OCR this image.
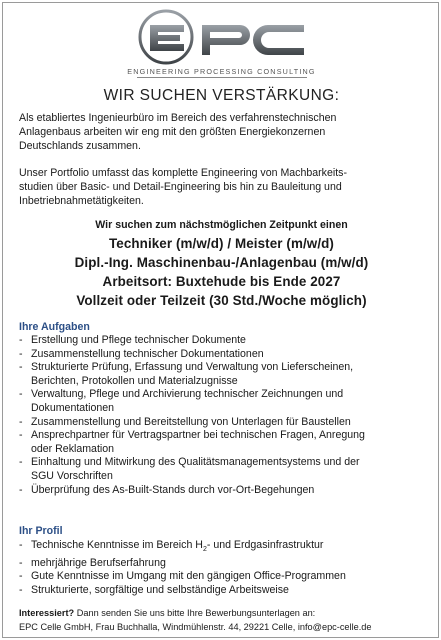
ENGINEERING PROCESSING CONSULTING
WIR SUCHEN VERSTÄRKUNG:
Als etabliertes Ingenieurbüro im Bereich des verfahrenstechnischen
Anlagenbaus arbeiten wir eng mit den größten Energiekonzernen
Deutschlands zusammen.
Unser Portfolio umfasst das komplette Engineering von Machbarkeits-
studien über Basic- und Detail-Engineering bis hin zu Bauleitung und
Inbetriebnahmetätigkeiten.
Wir suchen zum nächstmöglichen Zeitpunkt einen
Techniker (m/w/d) / Meister (m/w/d)
Dipl.-Ing. Maschinenbau-/Anlagenbau (m/w/d)
Arbeitsort: Buxtehude bis Ende 2027
Vollzeit oder Teilzeit (30 Std./Woche möglich)
Ihre Aufgaben
- Erstellung und Pflege technischer Dokumente
- Zusammenstellung technischer Dokumentationen
- Strukturierte Prüfung, Erfassung und Verwaltung von Lieferscheinen,
Berichten, Protokollen und Materialzugnisse
- Verwaltung, Pflege und Archivierung technischer Zeichnungen und
Dokumentationen
- Zusammenstellung und Bereitstellung von Unterlagen für Baustellen
- Ansprechpartner für Vertragspartner bei technischen Fragen, Anregung
oder Reklamation
- Einhaltung und Mitwirkung des Qualitätsmanagementsystems und der
SGU Vorschriften
- Überprüfung des As-Built-Stands durch vor-Ort-Begehungen
Ihr Profil
- Technische Kenntnisse im Bereich $H_2-$ und Erdgasinfrastruktur
- mehrjährige Berufserfahrung
- Gute Kenntnisse im Umgang mit den gängigen Office-Programmen
- Strukturierte, sorgfältige und selbständige Arbeitsweise
Interessiert? Dann senden Sie uns bitte Ihre Bewerbungsunterlagen an:
EPC Celle GmbH, Frau Buchhalla, Windmühlenstr. 44, 29221 Celle, info@epc-celle.de
